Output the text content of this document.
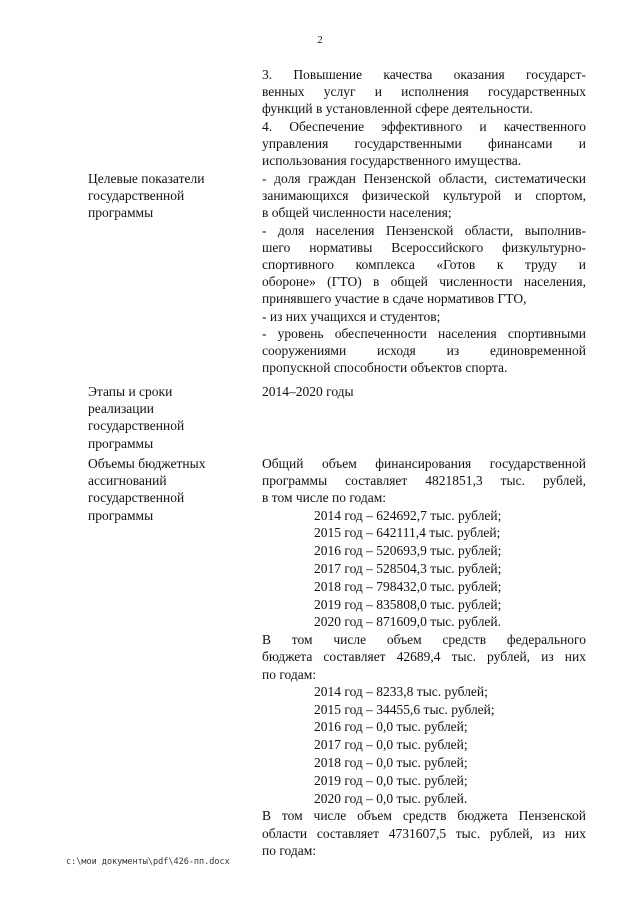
2
3. Повышение качества оказания государст-
венных услуг и исполнения государственных
функций в установленной сфере деятельности.
4. Обеспечение эффективного и качественного
управления государственными финансами и
использования государственного имущества.
Целевые показатели
государственной
программы
- доля граждан Пензенской области, систематически
занимающихся физической культурой и спортом,
в общей численности населения;
- доля населения Пензенской области, выполнив-
шего нормативы Всероссийского физкультурно-
спортивного комплекса «Готов к труду и
обороне» (ГТО) в общей численности населения,
принявшего участие в сдаче нормативов ГТО,
- из них учащихся и студентов;
- уровень обеспеченности населения спортивными
сооружениями исходя из единовременной
пропускной способности объектов спорта.
Этапы и сроки
реализации
государственной
программы
2014–2020 годы
Объемы бюджетных
ассигнований
государственной
программы
Общий объем финансирования государственной
программы составляет 4821851,3 тыс. рублей,
в том числе по годам:
2014 год – 624692,7 тыс. рублей;
2015 год – 642111,4 тыс. рублей;
2016 год – 520693,9 тыс. рублей;
2017 год – 528504,3 тыс. рублей;
2018 год – 798432,0 тыс. рублей;
2019 год – 835808,0 тыс. рублей;
2020 год – 871609,0 тыс. рублей.
В том числе объем средств федерального
бюджета составляет 42689,4 тыс. рублей, из них
по годам:
2014 год – 8233,8 тыс. рублей;
2015 год – 34455,6 тыс. рублей;
2016 год – 0,0 тыс. рублей;
2017 год – 0,0 тыс. рублей;
2018 год – 0,0 тыс. рублей;
2019 год – 0,0 тыс. рублей;
2020 год – 0,0 тыс. рублей.
В том числе объем средств бюджета Пензенской
области составляет 4731607,5 тыс. рублей, из них
по годам:
c:\мои документы\pdf\426-пп.docx
